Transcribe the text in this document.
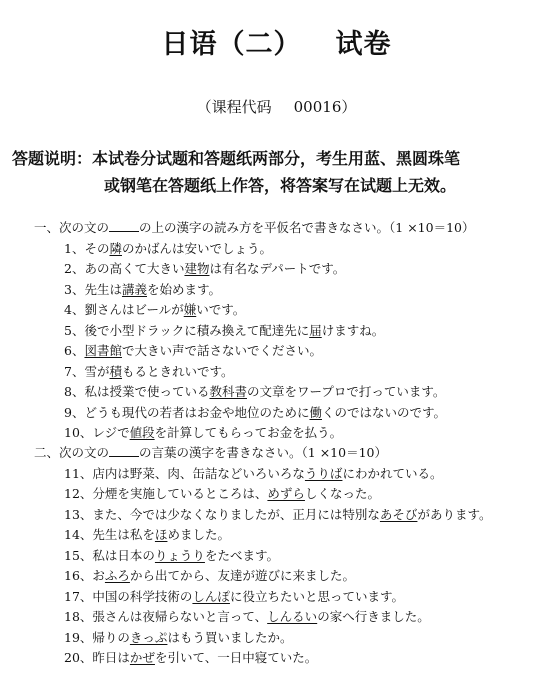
日语（二） 试卷
（课程代码 00016）
答题说明：本试卷分试题和答题纸两部分，考生用蓝、黑圆珠笔
或钢笔在答题纸上作答，将答案写在试题上无效。
一、次の文の の上の漢字の読み方を平仮名で書きなさい。（1 ×10＝10）
1、その隣のかばんは安いでしょう。
2、あの高くて大きい建物は有名なデパートです。
3、先生は講義を始めます。
4、劉さんはビールが嫌いです。
5、後で小型ドラックに積み換えて配達先に届けますね。
6、図書館で大きい声で話さないでください。
7、雪が積もるときれいです。
8、私は授業で使っている教科書の文章をワープロで打っています。
9、どうも現代の若者はお金や地位のために働くのではないのです。
10、レジで値段を計算してもらってお金を払う。
二、次の文の の言葉の漢字を書きなさい。（1 ×10＝10）
11、店内は野菜、肉、缶詰などいろいろなうりばにわかれている。
12、分煙を実施しているところは、めずらしくなった。
13、また、今では少なくなりましたが、正月には特別なあそびがあります。
14、先生は私をほめました。
15、私は日本のりょうりをたべます。
16、おふろから出てから、友達が遊びに来ました。
17、中国の科学技術のしんぽに役立ちたいと思っています。
18、張さんは夜帰らないと言って、しんるいの家へ行きました。
19、帰りのきっぷはもう買いましたか。
20、昨日はかぜを引いて、一日中寝ていた。
